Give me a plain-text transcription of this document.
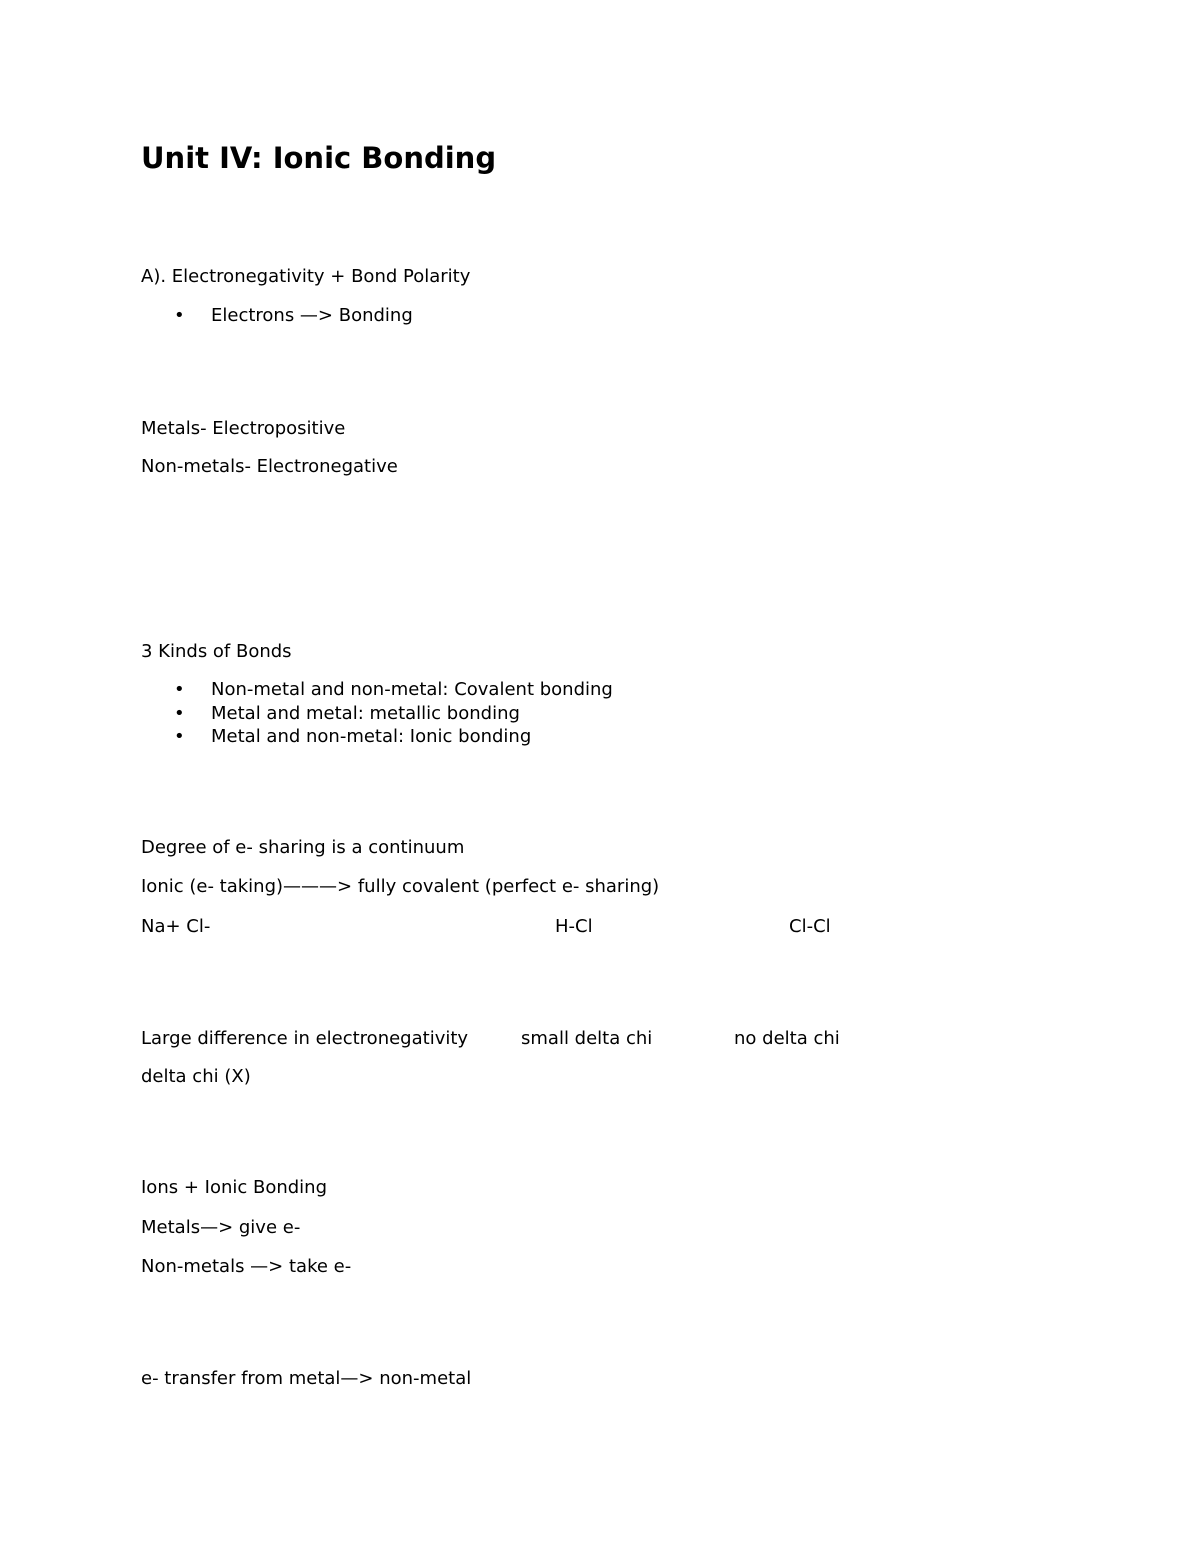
Unit IV: Ionic Bonding
A). Electronegativity + Bond Polarity
• Electrons —> Bonding
Metals- Electropositive
Non-metals- Electronegative
3 Kinds of Bonds
• Non-metal and non-metal: Covalent bonding
• Metal and metal: metallic bonding
• Metal and non-metal: Ionic bonding
Degree of e- sharing is a continuum
Ionic (e- taking)———> fully covalent (perfect e- sharing)
Na+ Cl-	H-Cl	Cl-Cl
Large difference in electronegativity	small delta chi	no delta chi
delta chi (X)
Ions + Ionic Bonding
Metals—> give e-
Non-metals —> take e-
e- transfer from metal—> non-metal
